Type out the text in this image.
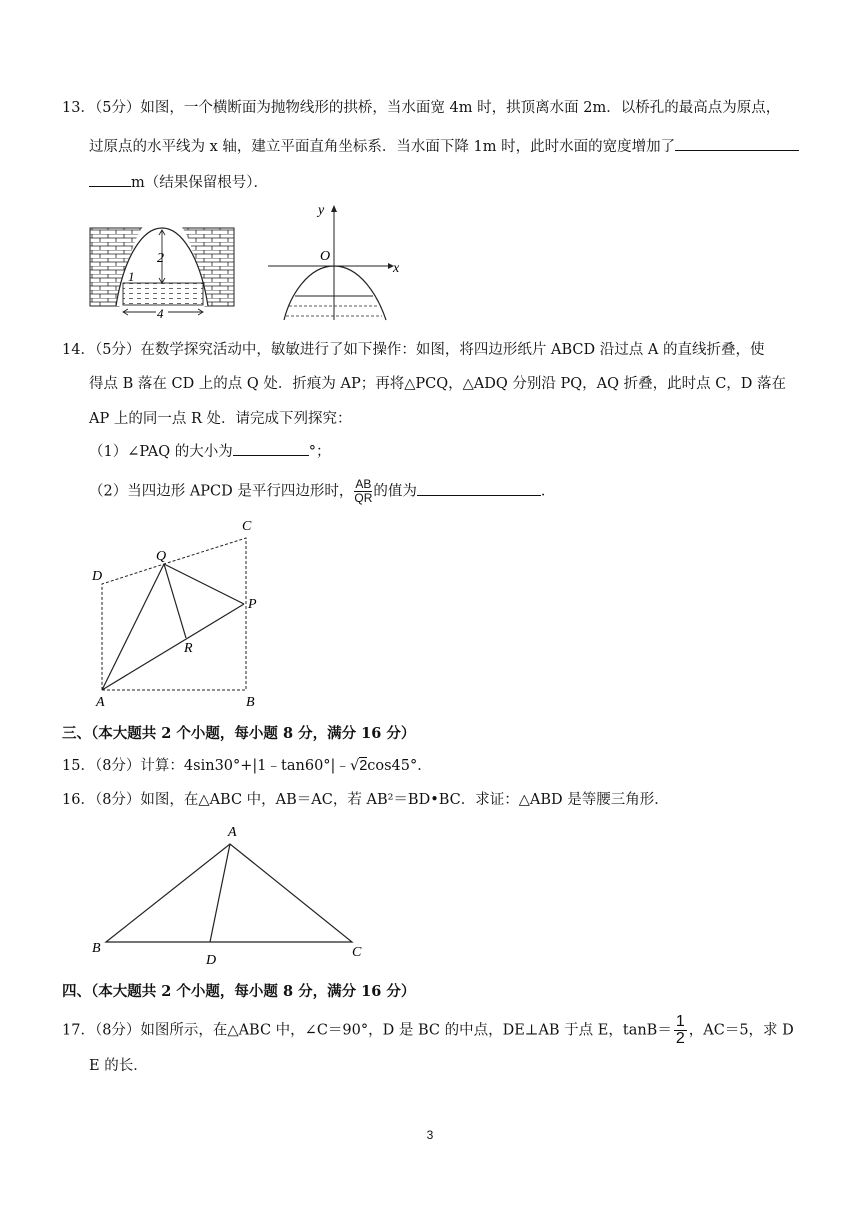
13．（5分）如图，一个横断面为抛物线形的拱桥，当水面宽 4m 时，拱顶离水面 2m．以桥孔的最高点为原点，
过原点的水平线为 x 轴，建立平面直角坐标系．当水面下降 1m 时，此时水面的宽度增加了
m（结果保留根号）．
2
1
4
y
x
O
14．（5分）在数学探究活动中，敏敏进行了如下操作：如图，将四边形纸片 ABCD 沿过点 A 的直线折叠，使
得点 B 落在 CD 上的点 Q 处．折痕为 AP；再将△PCQ，△ADQ 分别沿 PQ，AQ 折叠，此时点 C，D 落在
AP 上的同一点 R 处．请完成下列探究：
（1）∠PAQ 的大小为	°；
（2）当四边形 APCD 是平行四边形时， $\frac{AB}{QR}$ 的值为	．
C
Q
D
P
R
A	B
三、（本大题共 2 个小题，每小题 8 分，满分 16 分）
15．（8分）计算：4sin30°+|1﹣tan60°|﹣√2cos45°．
16．（8分）如图，在△ABC 中，AB＝AC，若 AB²＝BD•BC．求证：△ABD 是等腰三角形．
A
B	C
D
四、（本大题共 2 个小题，每小题 8 分，满分 16 分）
17．（8分）如图所示，在△ABC 中，∠C＝90°，D 是 BC 的中点，DE⊥AB 于点 E，$\tan B= \frac{1}{2}$ ，AC＝5，求 D
E 的长．
3
